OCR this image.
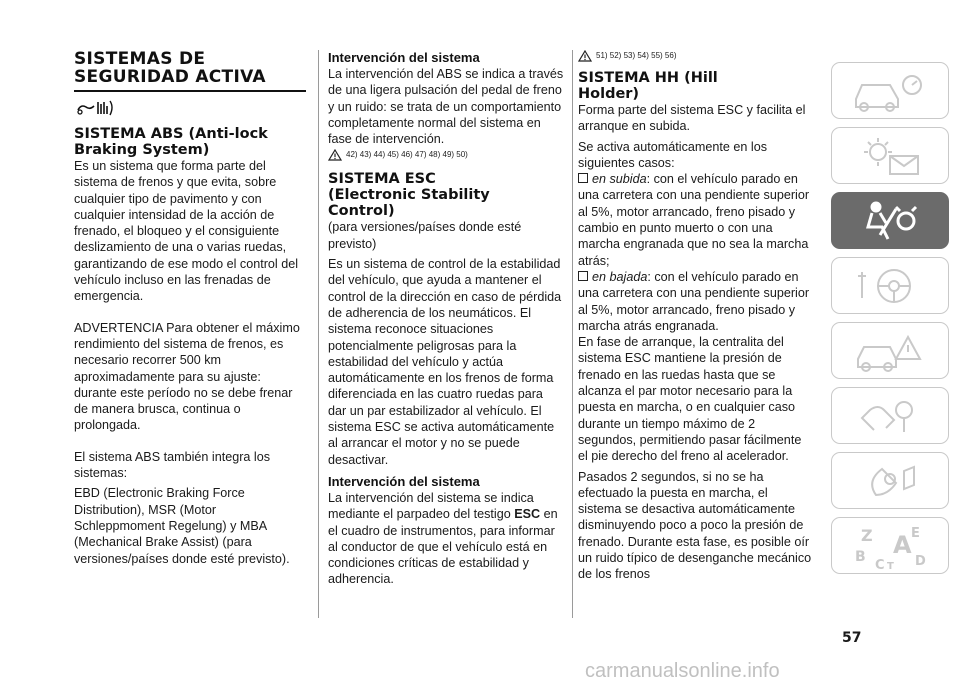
SISTEMAS DE
SEGURIDAD ACTIVA
SISTEMA ABS (Anti-lock
Braking System)

Es un sistema que forma parte del sistema de frenos y que evita, sobre cualquier tipo de pavimento y con cualquier intensidad de la acción de frenado, el bloqueo y el consiguiente deslizamiento de una o varias ruedas, garantizando de ese modo el control del vehículo incluso en las frenadas de emergencia.

ADVERTENCIA Para obtener el máximo rendimiento del sistema de frenos, es necesario recorrer 500 km aproximadamente para su ajuste: durante este período no se debe frenar de manera brusca, continua o prolongada.

El sistema ABS también integra los sistemas:

EBD (Electronic Braking Force Distribution), MSR (Motor Schleppmoment Regelung) y MBA (Mechanical Brake Assist) (para versiones/países donde esté previsto).

Intervención del sistema

La intervención del ABS se indica a través de una ligera pulsación del pedal de freno y un ruido: se trata de un comportamiento completamente normal del sistema en fase de intervención.

42) 43) 44) 45) 46) 47) 48) 49) 50)
SISTEMA ESC
(Electronic Stability
Control)

(para versiones/países donde esté previsto)

Es un sistema de control de la estabilidad del vehículo, que ayuda a mantener el control de la dirección en caso de pérdida de adherencia de los neumáticos. El sistema reconoce situaciones potencialmente peligrosas para la estabilidad del vehículo y actúa automáticamente en los frenos de forma diferenciada en las cuatro ruedas para dar un par estabilizador al vehículo. El sistema ESC se activa automáticamente al arrancar el motor y no se puede desactivar.

Intervención del sistema

La intervención del sistema se indica mediante el parpadeo del testigo ESC en el cuadro de instrumentos, para informar al conductor de que el vehículo está en condiciones críticas de estabilidad y adherencia.

51) 52) 53) 54) 55) 56)
SISTEMA HH (Hill
Holder)

Forma parte del sistema ESC y facilita el arranque en subida.

Se activa automáticamente en los siguientes casos:

en subida: con el vehículo parado en una carretera con una pendiente superior al 5%, motor arrancado, freno pisado y cambio en punto muerto o con una marcha engranada que no sea la marcha atrás;

en bajada: con el vehículo parado en una carretera con una pendiente superior al 5%, motor arrancado, freno pisado y marcha atrás engranada.

En fase de arranque, la centralita del sistema ESC mantiene la presión de frenado en las ruedas hasta que se alcanza el par motor necesario para la puesta en marcha, o en cualquier caso durante un tiempo máximo de 2 segundos, permitiendo pasar fácilmente el pie derecho del freno al acelerador.

Pasados 2 segundos, si no se ha efectuado la puesta en marcha, el sistema se desactiva automáticamente disminuyendo poco a poco la presión de frenado. Durante esta fase, es posible oír un ruido típico de desenganche mecánico de los frenos

Z	E
B A
C T D
57
carmanualsonline.info
